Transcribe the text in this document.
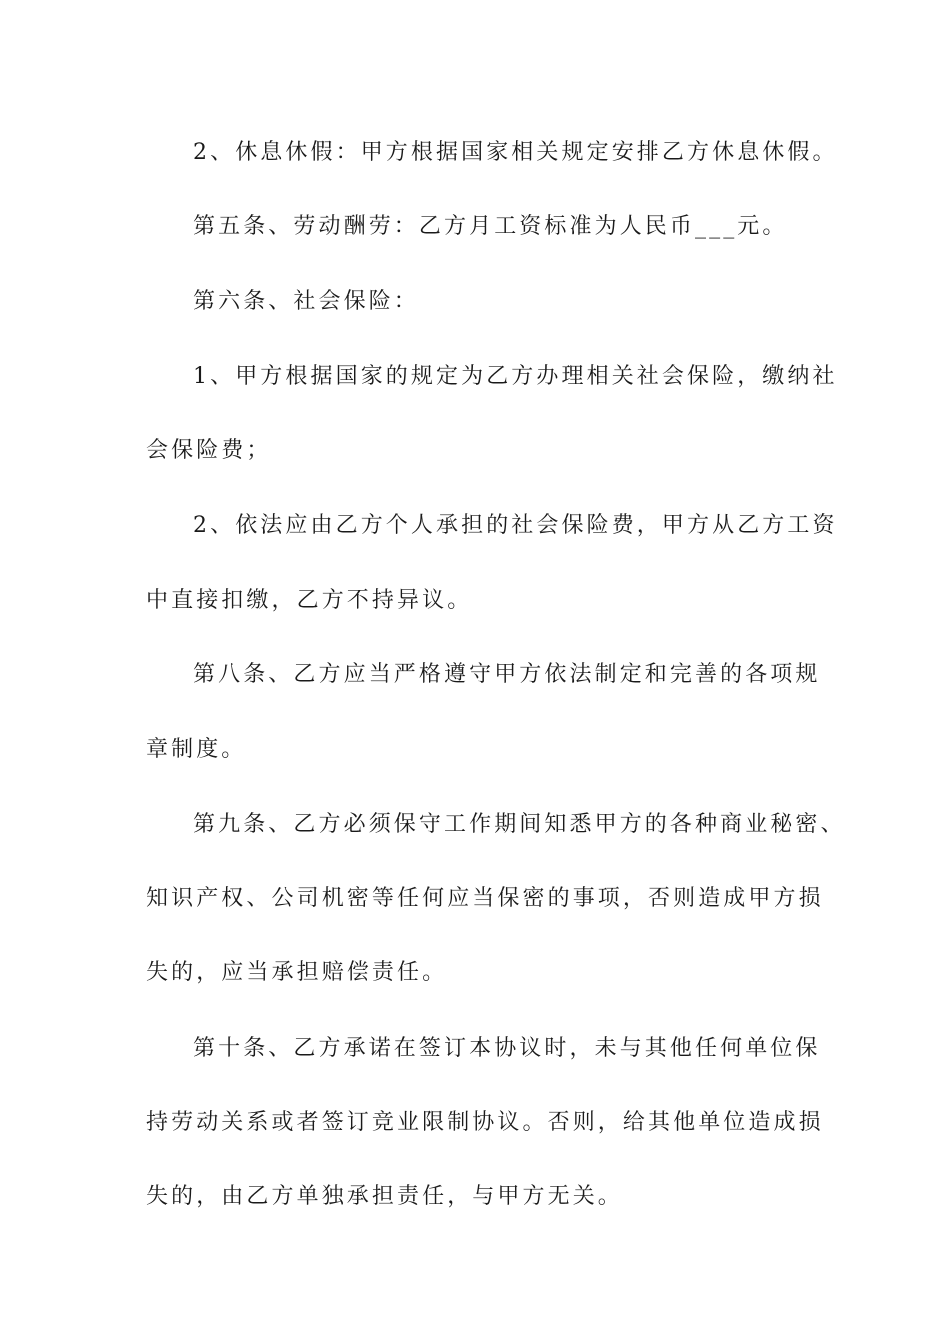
2、休息休假：甲方根据国家相关规定安排乙方休息休假。
第五条、劳动酬劳：乙方月工资标准为人民币___元。
第六条、社会保险：
1、甲方根据国家的规定为乙方办理相关社会保险，缴纳社
会保险费；
2、依法应由乙方个人承担的社会保险费，甲方从乙方工资
中直接扣缴，乙方不持异议。
第八条、乙方应当严格遵守甲方依法制定和完善的各项规
章制度。
第九条、乙方必须保守工作期间知悉甲方的各种商业秘密、
知识产权、公司机密等任何应当保密的事项，否则造成甲方损
失的，应当承担赔偿责任。
第十条、乙方承诺在签订本协议时，未与其他任何单位保
持劳动关系或者签订竞业限制协议。否则，给其他单位造成损
失的，由乙方单独承担责任，与甲方无关。
